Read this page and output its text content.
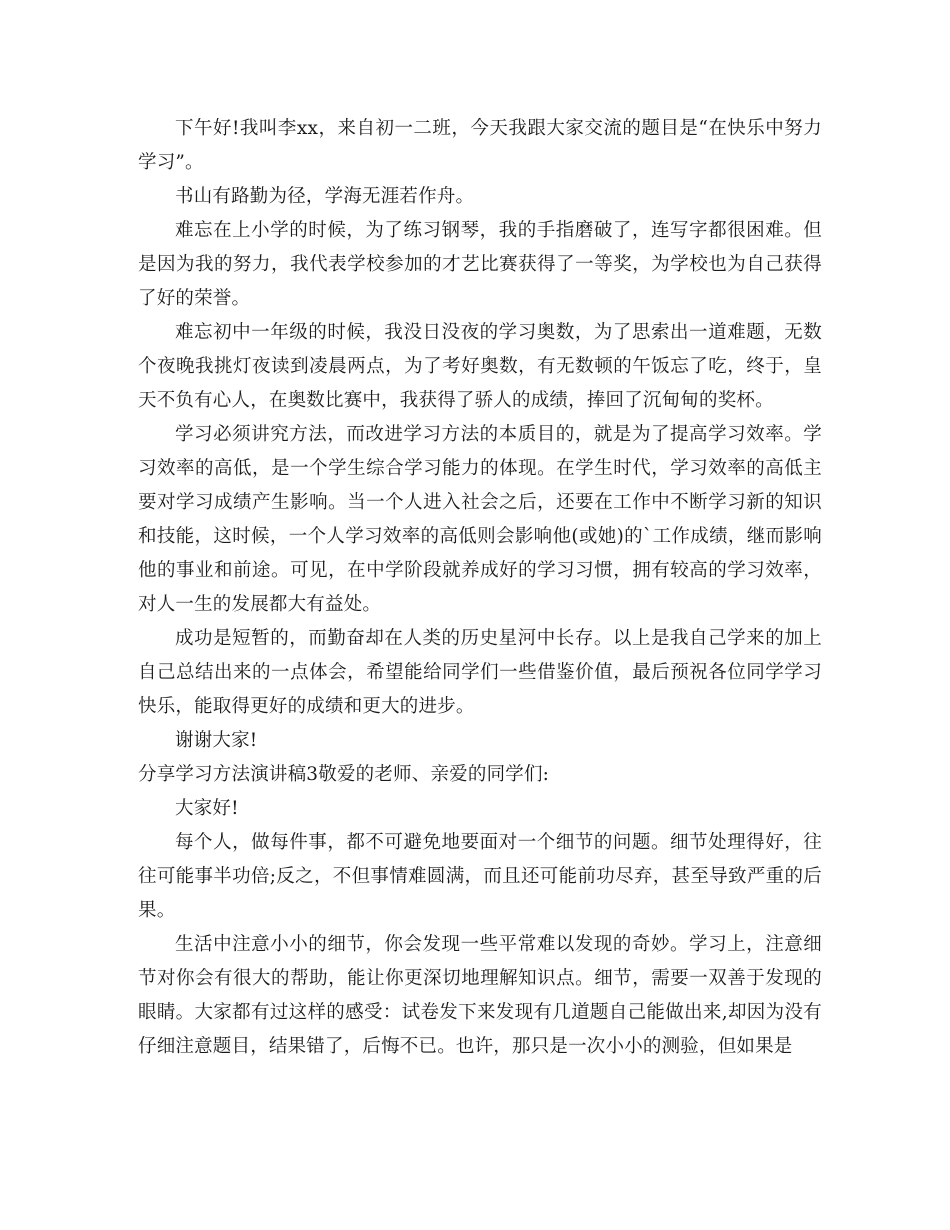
下午好!我叫李xx，来自初一二班，今天我跟大家交流的题目是“在快乐中努力学习”。

书山有路勤为径，学海无涯若作舟。

难忘在上小学的时候，为了练习钢琴，我的手指磨破了，连写字都很困难。但是因为我的努力，我代表学校参加的才艺比赛获得了一等奖，为学校也为自己获得了好的荣誉。

难忘初中一年级的时候，我没日没夜的学习奥数，为了思索出一道难题，无数个夜晚我挑灯夜读到凌晨两点，为了考好奥数，有无数顿的午饭忘了吃，终于，皇天不负有心人，在奥数比赛中，我获得了骄人的成绩，捧回了沉甸甸的奖杯。

学习必须讲究方法，而改进学习方法的本质目的，就是为了提高学习效率。学习效率的高低，是一个学生综合学习能力的体现。在学生时代，学习效率的高低主要对学习成绩产生影响。当一个人进入社会之后，还要在工作中不断学习新的知识和技能，这时候，一个人学习效率的高低则会影响他(或她)的`工作成绩，继而影响他的事业和前途。可见，在中学阶段就养成好的学习习惯，拥有较高的学习效率，对人一生的发展都大有益处。

成功是短暂的，而勤奋却在人类的历史星河中长存。以上是我自己学来的加上自己总结出来的一点体会，希望能给同学们一些借鉴价值，最后预祝各位同学学习快乐，能取得更好的成绩和更大的进步。

谢谢大家!

分享学习方法演讲稿3敬爱的老师、亲爱的同学们:

大家好!

每个人，做每件事，都不可避免地要面对一个细节的问题。细节处理得好，往往可能事半功倍;反之，不但事情难圆满，而且还可能前功尽弃，甚至导致严重的后果。

生活中注意小小的细节，你会发现一些平常难以发现的奇妙。学习上，注意细节对你会有很大的帮助，能让你更深切地理解知识点。细节，需要一双善于发现的眼睛。大家都有过这样的感受：试卷发下来发现有几道题自己能做出来,却因为没有仔细注意题目，结果错了，后悔不已。也许，那只是一次小小的测验，但如果是
